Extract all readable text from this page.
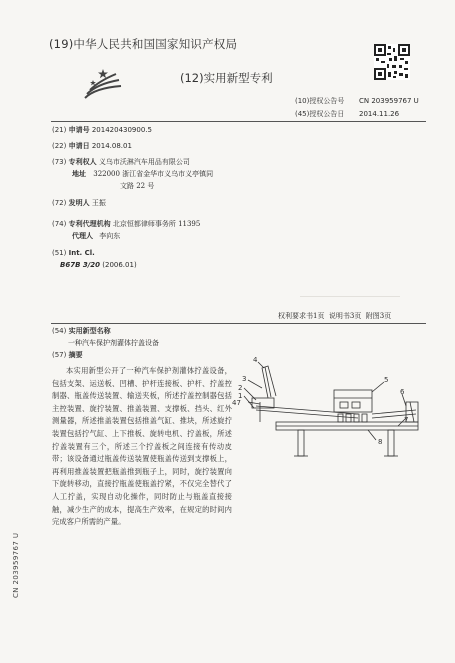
(19)中华人民共和国国家知识产权局
(12)实用新型专利
(10)授权公告号 CN 203959767 U
(45)授权公告日 2014.11.26
(21) 申请号 201420430900.5
(22) 申请日 2014.08.01
(73) 专利权人 义乌市沃淋汽车用品有限公司
地址 322000 浙江省金华市义乌市义亭镇同
文路 22 号
(72) 发明人 王振
(74) 专利代理机构 北京恒都律师事务所 11395
代理人 李向东
(51) Int. Cl.
B67B 3/20 (2006.01)
权利要求书1页  说明书3页  附图3页
(54) 实用新型名称
一种汽车保护剂灌体拧盖设备
(57) 摘要
本实用新型公开了一种汽车保护剂灌体拧盖设备，包括支架、运送板、凹槽、护杆连接板、护杆、拧盖控制器、瓶盖传送装置、输送夹板，所述拧盖控制器包括主控装置、旋拧装置、推盖装置、支撑板、挡头、红外测量器，所述推盖装置包括推盖气缸、推块，所述旋拧装置包括拧气缸、上下推板、旋转电机、拧盖板，所述拧盖装置有三个，所述三个拧盖板之间连接有传动皮带；该设备通过瓶盖传送装置使瓶盖传送到支撑板上，再利用推盖装置把瓶盖推到瓶子上，同时，旋拧装置向下旋转移动，直接拧瓶盖使瓶盖拧紧，不仅完全替代了人工拧盖，实现自动化操作，同时防止与瓶盖直接接触，减少生产的成本，提高生产效率，在规定的时间内完成客户所需的产量。
4
3
2
1
47
5
6
7
8
CN 203959767 U
